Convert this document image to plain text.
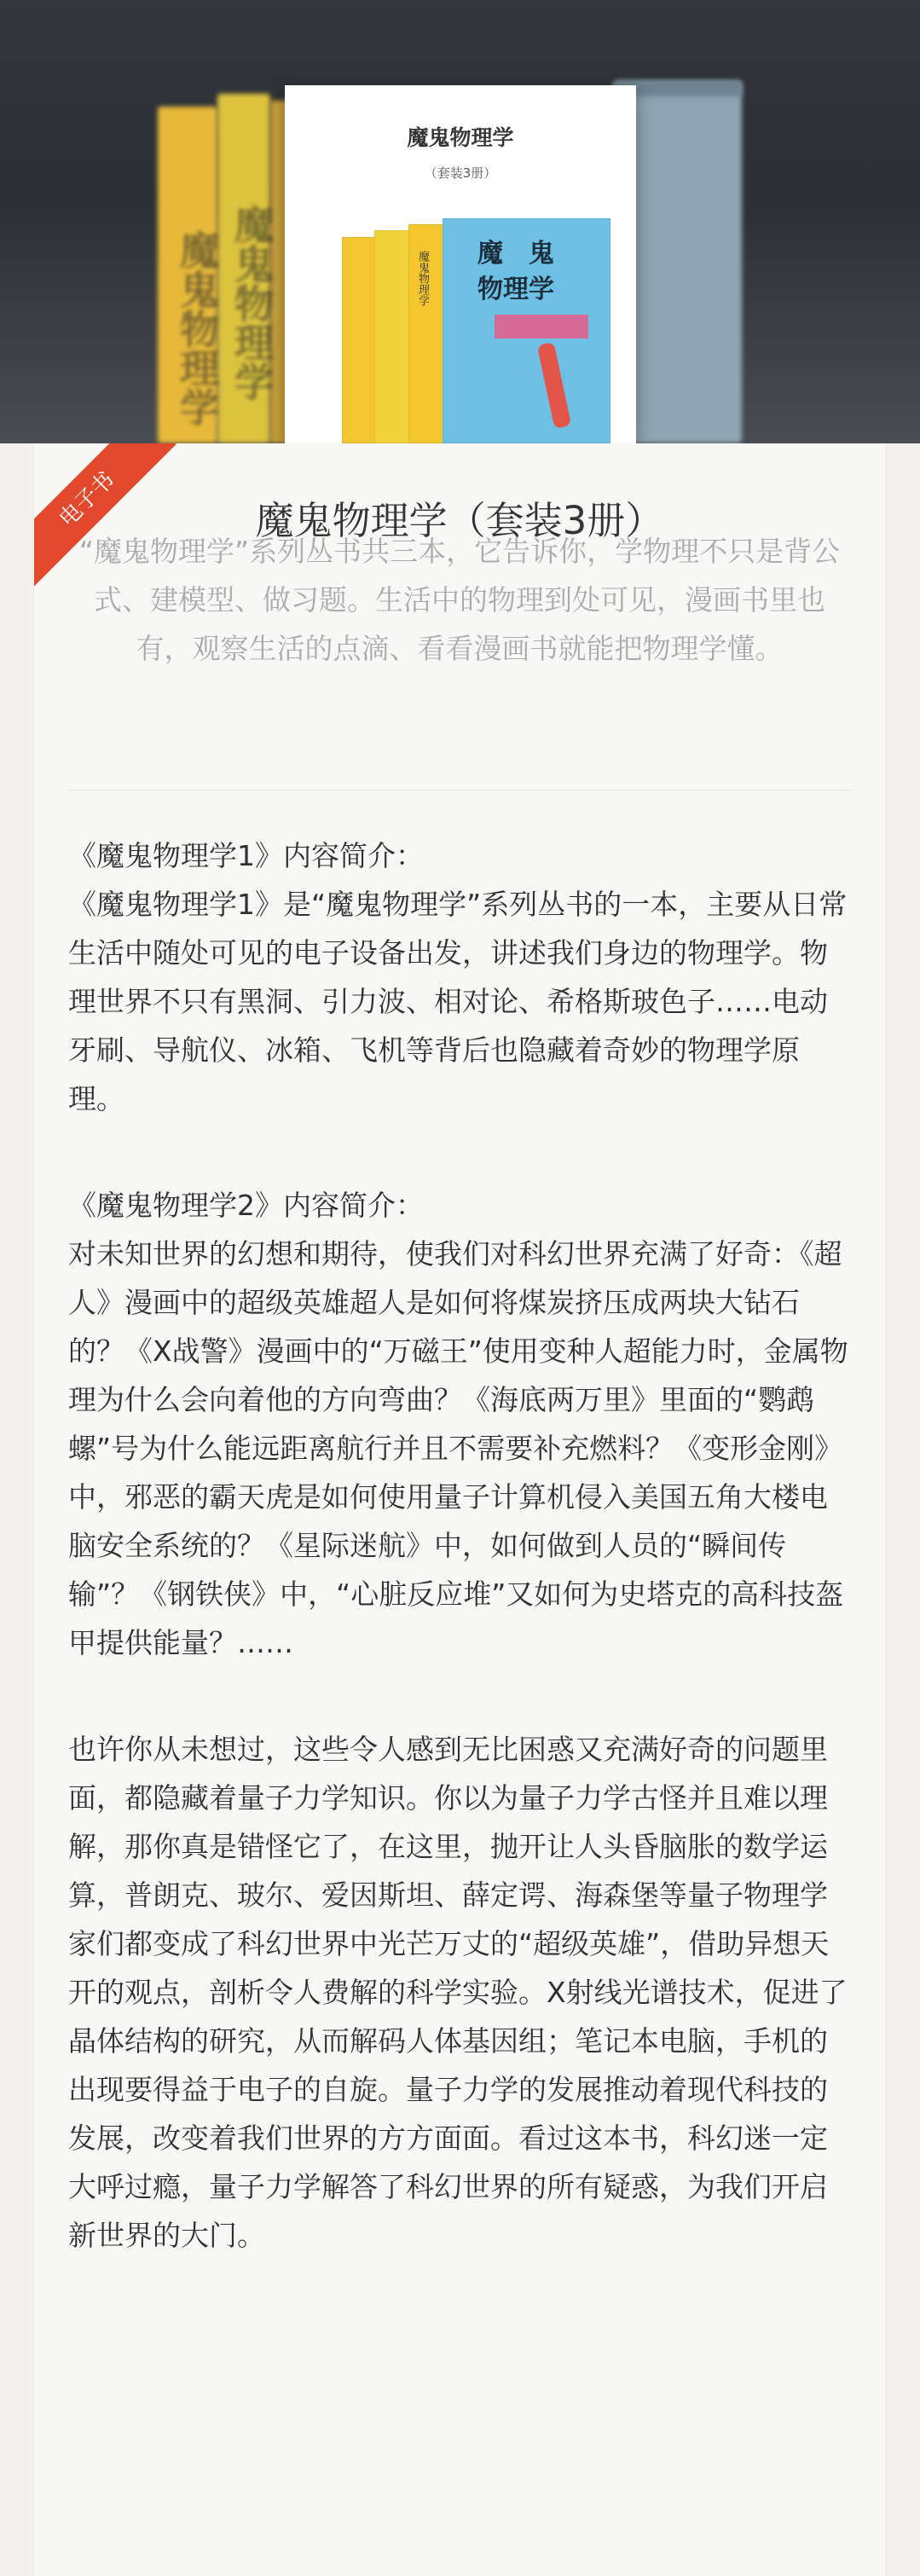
魔鬼物理学 魔鬼物理学
魔鬼物理学
（套装3册）
魔鬼物理学 魔　鬼
物理学
电子书	魔鬼物理学（套装3册）

“魔鬼物理学”系列丛书共三本，它告诉你，学物理不只是背公式、建模型、做习题。生活中的物理到处可见，漫画书里也有，观察生活的点滴、看看漫画书就能把物理学懂。

《魔鬼物理学1》内容简介：

《魔鬼物理学1》是“魔鬼物理学”系列丛书的一本，主要从日常生活中随处可见的电子设备出发，讲述我们身边的物理学。物理世界不只有黑洞、引力波、相对论、希格斯玻色子……电动牙刷、导航仪、冰箱、飞机等背后也隐藏着奇妙的物理学原理。

《魔鬼物理学2》内容简介：

对未知世界的幻想和期待，使我们对科幻世界充满了好奇：《超人》漫画中的超级英雄超人是如何将煤炭挤压成两块大钻石的？《X战警》漫画中的“万磁王”使用变种人超能力时，金属物理为什么会向着他的方向弯曲？《海底两万里》里面的“鹦鹉螺”号为什么能远距离航行并且不需要补充燃料？《变形金刚》中，邪恶的霸天虎是如何使用量子计算机侵入美国五角大楼电脑安全系统的？《星际迷航》中，如何做到人员的“瞬间传输”？《钢铁侠》中，“心脏反应堆”又如何为史塔克的高科技盔甲提供能量？……

也许你从未想过，这些令人感到无比困惑又充满好奇的问题里面，都隐藏着量子力学知识。你以为量子力学古怪并且难以理解，那你真是错怪它了，在这里，抛开让人头昏脑胀的数学运算，普朗克、玻尔、爱因斯坦、薛定谔、海森堡等量子物理学家们都变成了科幻世界中光芒万丈的“超级英雄”，借助异想天开的观点，剖析令人费解的科学实验。X射线光谱技术，促进了晶体结构的研究，从而解码人体基因组；笔记本电脑，手机的出现要得益于电子的自旋。量子力学的发展推动着现代科技的发展，改变着我们世界的方方面面。看过这本书，科幻迷一定大呼过瘾，量子力学解答了科幻世界的所有疑惑，为我们开启新世界的大门。
